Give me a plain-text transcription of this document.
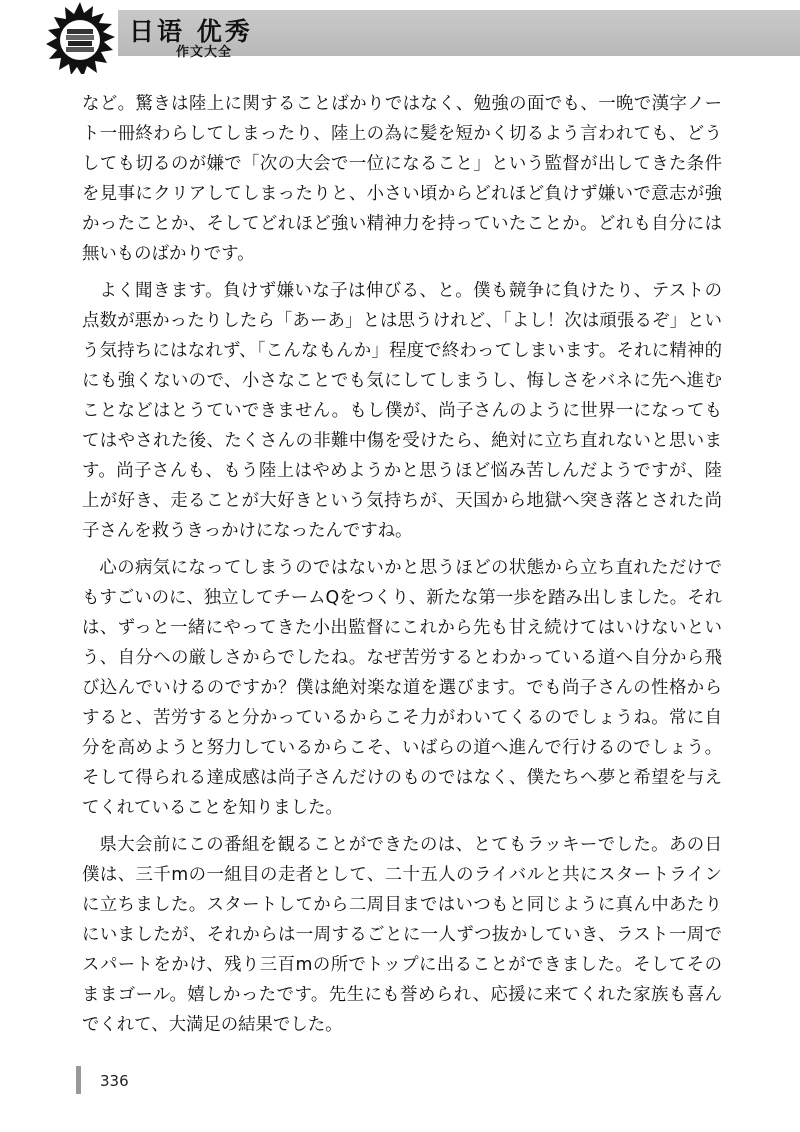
日语 优秀
作文大全

など。驚きは陸上に関することばかりではなく、勉強の面でも、一晩で漢字ノート一冊終わらしてしまったり、陸上の為に髪を短かく切るよう言われても、どうしても切るのが嫌で「次の大会で一位になること」という監督が出してきた条件を見事にクリアしてしまったりと、小さい頃からどれほど負けず嫌いで意志が強かったことか、そしてどれほど強い精神力を持っていたことか。どれも自分には無いものばかりです。

よく聞きます。負けず嫌いな子は伸びる、と。僕も競争に負けたり、テストの点数が悪かったりしたら「あーあ」とは思うけれど、「よし！次は頑張るぞ」という気持ちにはなれず、「こんなもんか」程度で終わってしまいます。それに精神的にも強くないので、小さなことでも気にしてしまうし、悔しさをバネに先へ進むことなどはとうていできません。もし僕が、尚子さんのように世界一になってもてはやされた後、たくさんの非難中傷を受けたら、絶対に立ち直れないと思います。尚子さんも、もう陸上はやめようかと思うほど悩み苦しんだようですが、陸上が好き、走ることが大好きという気持ちが、天国から地獄へ突き落とされた尚子さんを救うきっかけになったんですね。

心の病気になってしまうのではないかと思うほどの状態から立ち直れただけでもすごいのに、独立してチームQをつくり、新たな第一歩を踏み出しました。それは、ずっと一緒にやってきた小出監督にこれから先も甘え続けてはいけないという、自分への厳しさからでしたね。なぜ苦労するとわかっている道へ自分から飛び込んでいけるのですか？僕は絶対楽な道を選びます。でも尚子さんの性格からすると、苦労すると分かっているからこそ力がわいてくるのでしょうね。常に自分を高めようと努力しているからこそ、いばらの道へ進んで行けるのでしょう。そして得られる達成感は尚子さんだけのものではなく、僕たちへ夢と希望を与えてくれていることを知りました。

県大会前にこの番組を観ることができたのは、とてもラッキーでした。あの日僕は、三千mの一組目の走者として、二十五人のライバルと共にスタートラインに立ちました。スタートしてから二周目まではいつもと同じように真ん中あたりにいましたが、それからは一周するごとに一人ずつ抜かしていき、ラスト一周でスパートをかけ、残り三百mの所でトップに出ることができました。そしてそのままゴール。嬉しかったです。先生にも誉められ、応援に来てくれた家族も喜んでくれて、大満足の結果でした。

336
